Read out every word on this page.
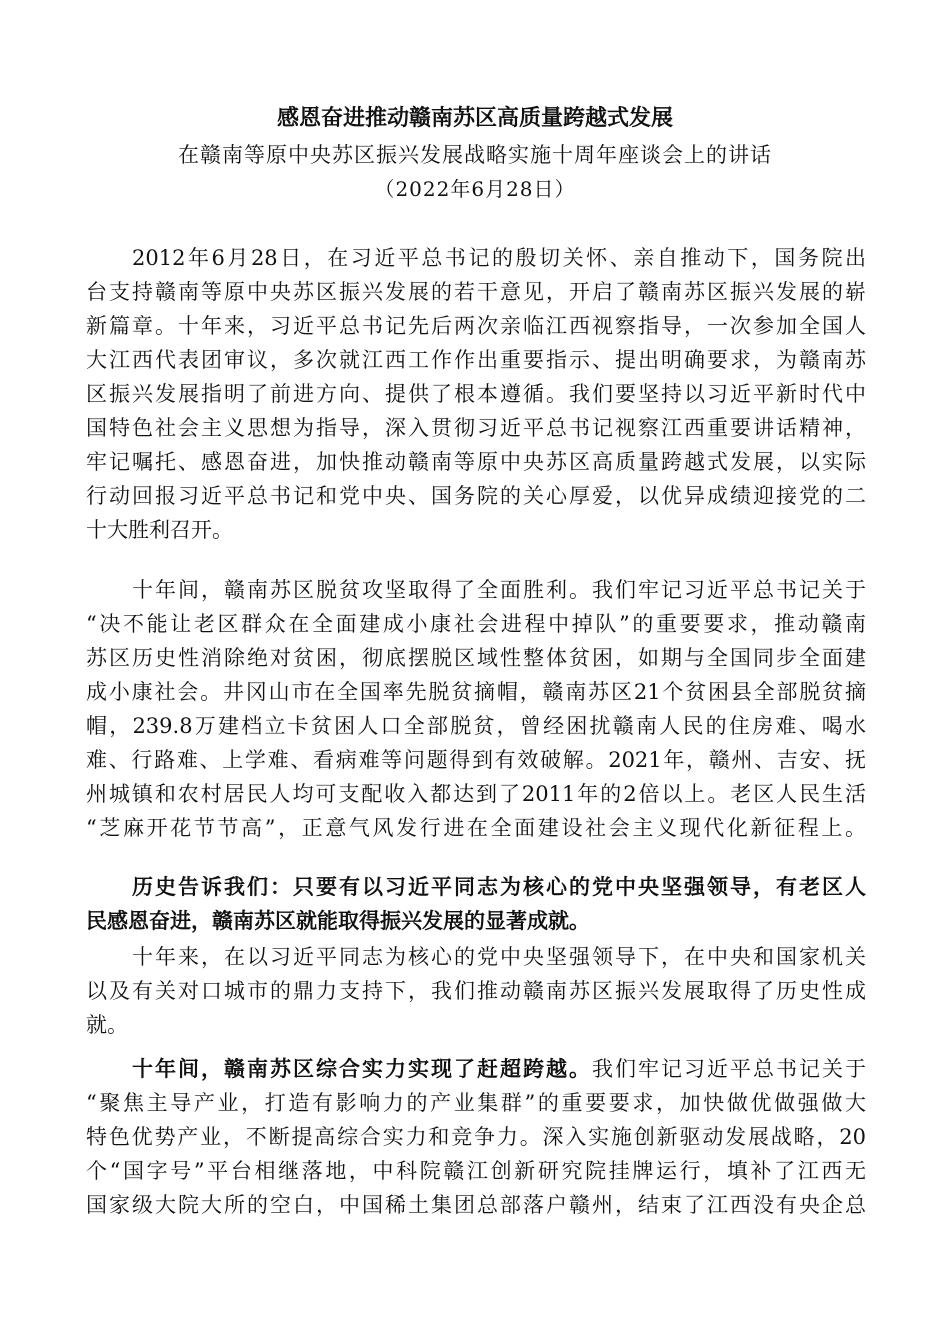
感恩奋进推动赣南苏区高质量跨越式发展
在赣南等原中央苏区振兴发展战略实施十周年座谈会上的讲话
（2022年6月28日）
2012年6月28日，在习近平总书记的殷切关怀、亲自推动下，国务院出
台支持赣南等原中央苏区振兴发展的若干意见，开启了赣南苏区振兴发展的崭
新篇章。十年来，习近平总书记先后两次亲临江西视察指导，一次参加全国人
大江西代表团审议，多次就江西工作作出重要指示、提出明确要求，为赣南苏
区振兴发展指明了前进方向、提供了根本遵循。我们要坚持以习近平新时代中
国特色社会主义思想为指导，深入贯彻习近平总书记视察江西重要讲话精神，
牢记嘱托、感恩奋进，加快推动赣南等原中央苏区高质量跨越式发展，以实际
行动回报习近平总书记和党中央、国务院的关心厚爱，以优异成绩迎接党的二
十大胜利召开。
十年间，赣南苏区脱贫攻坚取得了全面胜利。我们牢记习近平总书记关于
“决不能让老区群众在全面建成小康社会进程中掉队”的重要要求，推动赣南
苏区历史性消除绝对贫困，彻底摆脱区域性整体贫困，如期与全国同步全面建
成小康社会。井冈山市在全国率先脱贫摘帽，赣南苏区21个贫困县全部脱贫摘
帽，239.8万建档立卡贫困人口全部脱贫，曾经困扰赣南人民的住房难、喝水
难、行路难、上学难、看病难等问题得到有效破解。2021年，赣州、吉安、抚
州城镇和农村居民人均可支配收入都达到了2011年的2倍以上。老区人民生活
“芝麻开花节节高”，正意气风发行进在全面建设社会主义现代化新征程上。
历史告诉我们：只要有以习近平同志为核心的党中央坚强领导，有老区人
民感恩奋进，赣南苏区就能取得振兴发展的显著成就。
十年来，在以习近平同志为核心的党中央坚强领导下，在中央和国家机关
以及有关对口城市的鼎力支持下，我们推动赣南苏区振兴发展取得了历史性成
就。
十年间，赣南苏区综合实力实现了赶超跨越。我们牢记习近平总书记关于
“聚焦主导产业，打造有影响力的产业集群”的重要要求，加快做优做强做大
特色优势产业，不断提高综合实力和竞争力。深入实施创新驱动发展战略，20
个“国字号”平台相继落地，中科院赣江创新研究院挂牌运行，填补了江西无
国家级大院大所的空白，中国稀土集团总部落户赣州，结束了江西没有央企总
